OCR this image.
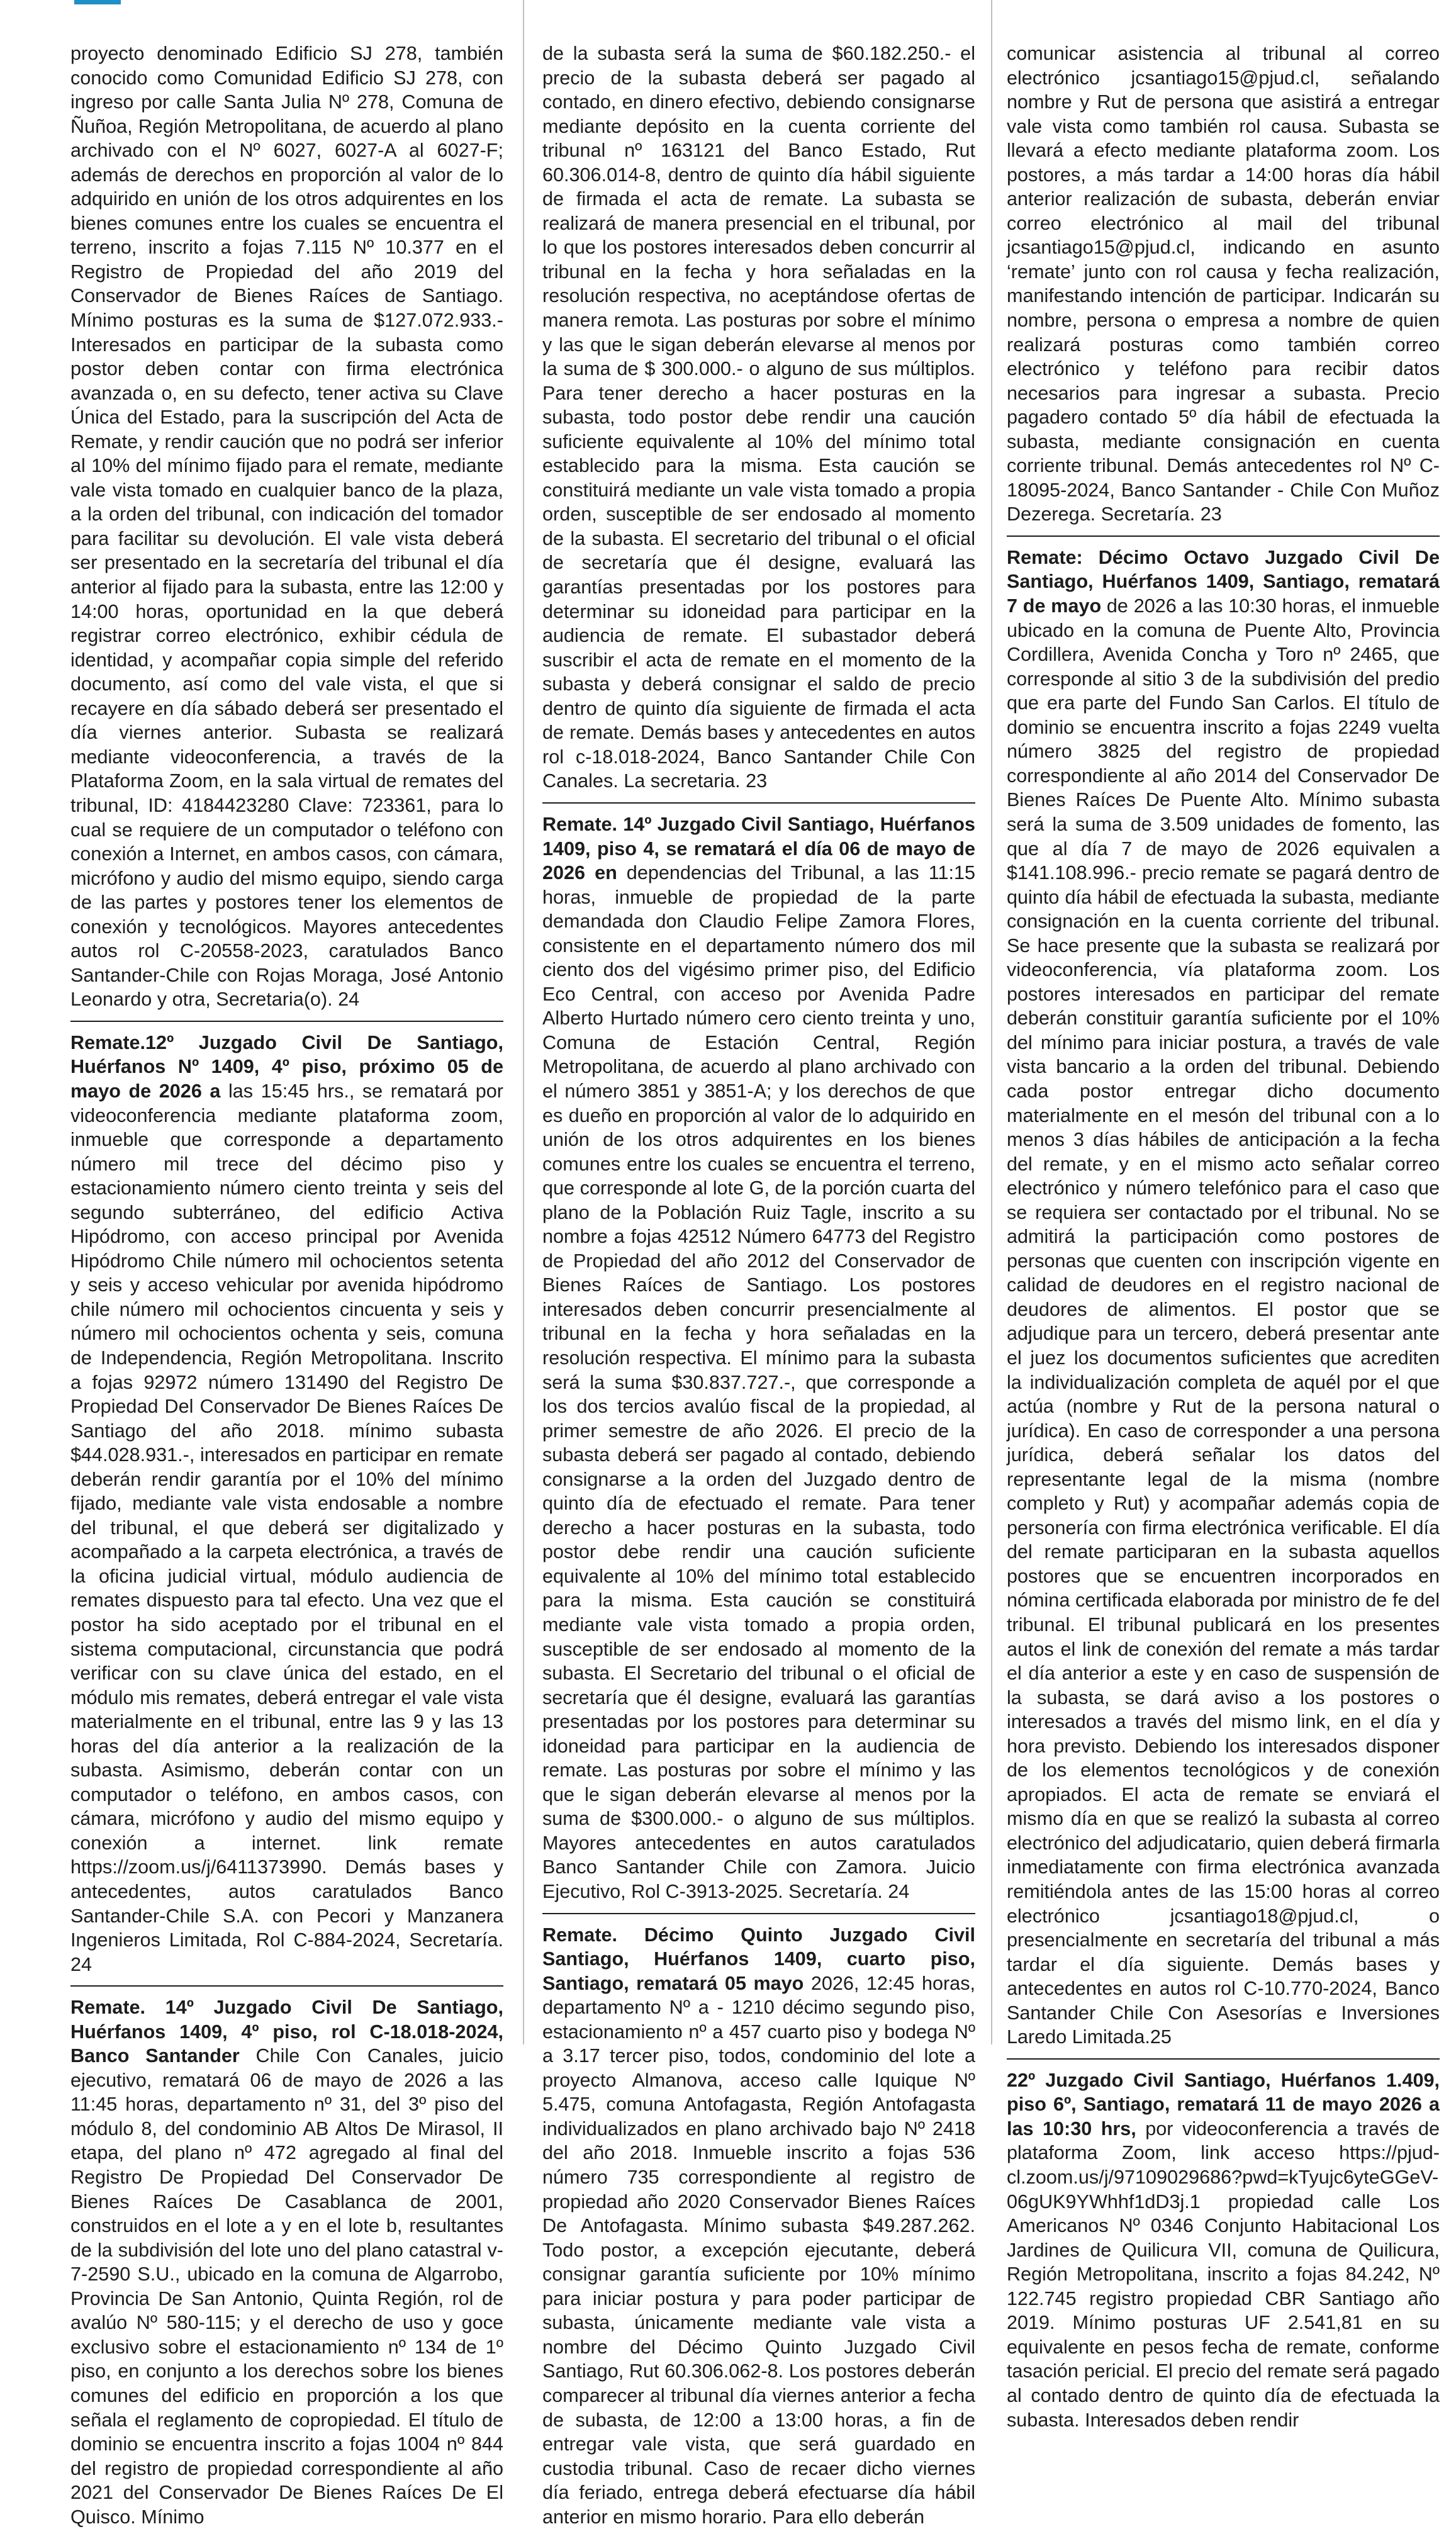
proyecto denominado Edificio SJ 278, también conocido como Comunidad Edificio SJ 278, con ingreso por calle Santa Julia Nº 278, Comuna de Ñuñoa, Región Metropolitana, de acuerdo al plano archivado con el Nº 6027, 6027-A al 6027-F; además de derechos en proporción al valor de lo adquirido en unión de los otros adquirentes en los bienes comunes entre los cuales se encuentra el terreno, inscrito a fojas 7.115 Nº 10.377 en el Registro de Propiedad del año 2019 del Conservador de Bienes Raíces de Santiago. Mínimo posturas es la suma de $127.072.933.- Interesados en participar de la subasta como postor deben contar con firma electrónica avanzada o, en su defecto, tener activa su Clave Única del Estado, para la suscripción del Acta de Remate, y rendir caución que no podrá ser inferior al 10% del mínimo fijado para el remate, mediante vale vista tomado en cualquier banco de la plaza, a la orden del tribunal, con indicación del tomador para facilitar su devolución. El vale vista deberá ser presentado en la secretaría del tribunal el día anterior al fijado para la subasta, entre las 12:00 y 14:00 horas, oportunidad en la que deberá registrar correo electrónico, exhibir cédula de identidad, y acompañar copia simple del referido documento, así como del vale vista, el que si recayere en día sábado deberá ser presentado el día viernes anterior. Subasta se realizará mediante videoconferencia, a través de la Plataforma Zoom, en la sala virtual de remates del tribunal, ID: 4184423280 Clave: 723361, para lo cual se requiere de un computador o teléfono con conexión a Internet, en ambos casos, con cámara, micrófono y audio del mismo equipo, siendo carga de las partes y postores tener los elementos de conexión y tecnológicos. Mayores antecedentes autos rol C-20558-2023, caratulados Banco Santander-Chile con Rojas Moraga, José Antonio Leonardo y otra, Secretaria(o). 24

Remate.12º Juzgado Civil De Santiago, Huérfanos Nº 1409, 4º piso, próximo 05 de mayo de 2026 a las 15:45 hrs., se rematará por videoconferencia mediante plataforma zoom, inmueble que corresponde a departamento número mil trece del décimo piso y estacionamiento número ciento treinta y seis del segundo subterráneo, del edificio Activa Hipódromo, con acceso principal por Avenida Hipódromo Chile número mil ochocientos setenta y seis y acceso vehicular por avenida hipódromo chile número mil ochocientos cincuenta y seis y número mil ochocientos ochenta y seis, comuna de Independencia, Región Metropolitana. Inscrito a fojas 92972 número 131490 del Registro De Propiedad Del Conservador De Bienes Raíces De Santiago del año 2018. mínimo subasta $44.028.931.-, interesados en participar en remate deberán rendir garantía por el 10% del mínimo fijado, mediante vale vista endosable a nombre del tribunal, el que deberá ser digitalizado y acompañado a la carpeta electrónica, a través de la oficina judicial virtual, módulo audiencia de remates dispuesto para tal efecto. Una vez que el postor ha sido aceptado por el tribunal en el sistema computacional, circunstancia que podrá verificar con su clave única del estado, en el módulo mis remates, deberá entregar el vale vista materialmente en el tribunal, entre las 9 y las 13 horas del día anterior a la realización de la subasta. Asimismo, deberán contar con un computador o teléfono, en ambos casos, con cámara, micrófono y audio del mismo equipo y conexión a internet. link remate https://zoom.us/j/6411373990. Demás bases y antecedentes, autos caratulados Banco Santander-Chile S.A. con Pecori y Manzanera Ingenieros Limitada, Rol C-884-2024, Secretaría. 24

Remate. 14º Juzgado Civil De Santiago, Huérfanos 1409, 4º piso, rol C-18.018-2024, Banco Santander Chile Con Canales, juicio ejecutivo, rematará 06 de mayo de 2026 a las 11:45 horas, departamento nº 31, del 3º piso del módulo 8, del condominio AB Altos De Mirasol, II etapa, del plano nº 472 agregado al final del Registro De Propiedad Del Conservador De Bienes Raíces De Casablanca de 2001, construidos en el lote a y en el lote b, resultantes de la subdivisión del lote uno del plano catastral v-7-2590 S.U., ubicado en la comuna de Algarrobo, Provincia De San Antonio, Quinta Región, rol de avalúo Nº 580-115; y el derecho de uso y goce exclusivo sobre el estacionamiento nº 134 de 1º piso, en conjunto a los derechos sobre los bienes comunes del edificio en proporción a los que señala el reglamento de copropiedad. El título de dominio se encuentra inscrito a fojas 1004 nº 844 del registro de propiedad correspondiente al año 2021 del Conservador De Bienes Raíces De El Quisco. Mínimo

de la subasta será la suma de $60.182.250.- el precio de la subasta deberá ser pagado al contado, en dinero efectivo, debiendo consignarse mediante depósito en la cuenta corriente del tribunal nº 163121 del Banco Estado, Rut 60.306.014-8, dentro de quinto día hábil siguiente de firmada el acta de remate. La subasta se realizará de manera presencial en el tribunal, por lo que los postores interesados deben concurrir al tribunal en la fecha y hora señaladas en la resolución respectiva, no aceptándose ofertas de manera remota. Las posturas por sobre el mínimo y las que le sigan deberán elevarse al menos por la suma de $ 300.000.- o alguno de sus múltiplos. Para tener derecho a hacer posturas en la subasta, todo postor debe rendir una caución suficiente equivalente al 10% del mínimo total establecido para la misma. Esta caución se constituirá mediante un vale vista tomado a propia orden, susceptible de ser endosado al momento de la subasta. El secretario del tribunal o el oficial de secretaría que él designe, evaluará las garantías presentadas por los postores para determinar su idoneidad para participar en la audiencia de remate. El subastador deberá suscribir el acta de remate en el momento de la subasta y deberá consignar el saldo de precio dentro de quinto día siguiente de firmada el acta de remate. Demás bases y antecedentes en autos rol c-18.018-2024, Banco Santander Chile Con Canales. La secretaria. 23

Remate. 14º Juzgado Civil Santiago, Huérfanos 1409, piso 4, se rematará el día 06 de mayo de 2026 en dependencias del Tribunal, a las 11:15 horas, inmueble de propiedad de la parte demandada don Claudio Felipe Zamora Flores, consistente en el departamento número dos mil ciento dos del vigésimo primer piso, del Edificio Eco Central, con acceso por Avenida Padre Alberto Hurtado número cero ciento treinta y uno, Comuna de Estación Central, Región Metropolitana, de acuerdo al plano archivado con el número 3851 y 3851-A; y los derechos de que es dueño en proporción al valor de lo adquirido en unión de los otros adquirentes en los bienes comunes entre los cuales se encuentra el terreno, que corresponde al lote G, de la porción cuarta del plano de la Población Ruiz Tagle, inscrito a su nombre a fojas 42512 Número 64773 del Registro de Propiedad del año 2012 del Conservador de Bienes Raíces de Santiago. Los postores interesados deben concurrir presencialmente al tribunal en la fecha y hora señaladas en la resolución respectiva. El mínimo para la subasta será la suma $30.837.727.-, que corresponde a los dos tercios avalúo fiscal de la propiedad, al primer semestre de año 2026. El precio de la subasta deberá ser pagado al contado, debiendo consignarse a la orden del Juzgado dentro de quinto día de efectuado el remate. Para tener derecho a hacer posturas en la subasta, todo postor debe rendir una caución suficiente equivalente al 10% del mínimo total establecido para la misma. Esta caución se constituirá mediante vale vista tomado a propia orden, susceptible de ser endosado al momento de la subasta. El Secretario del tribunal o el oficial de secretaría que él designe, evaluará las garantías presentadas por los postores para determinar su idoneidad para participar en la audiencia de remate. Las posturas por sobre el mínimo y las que le sigan deberán elevarse al menos por la suma de $300.000.- o alguno de sus múltiplos. Mayores antecedentes en autos caratulados Banco Santander Chile con Zamora. Juicio Ejecutivo, Rol C-3913-2025. Secretaría. 24

Remate. Décimo Quinto Juzgado Civil Santiago, Huérfanos 1409, cuarto piso, Santiago, rematará 05 mayo 2026, 12:45 horas, departamento Nº a - 1210 décimo segundo piso, estacionamiento nº a 457 cuarto piso y bodega Nº a 3.17 tercer piso, todos, condominio del lote a proyecto Almanova, acceso calle Iquique Nº 5.475, comuna Antofagasta, Región Antofagasta individualizados en plano archivado bajo Nº 2418 del año 2018. Inmueble inscrito a fojas 536 número 735 correspondiente al registro de propiedad año 2020 Conservador Bienes Raíces De Antofagasta. Mínimo subasta $49.287.262. Todo postor, a excepción ejecutante, deberá consignar garantía suficiente por 10% mínimo para iniciar postura y para poder participar de subasta, únicamente mediante vale vista a nombre del Décimo Quinto Juzgado Civil Santiago, Rut 60.306.062-8. Los postores deberán comparecer al tribunal día viernes anterior a fecha de subasta, de 12:00 a 13:00 horas, a fin de entregar vale vista, que será guardado en custodia tribunal. Caso de recaer dicho viernes día feriado, entrega deberá efectuarse día hábil anterior en mismo horario. Para ello deberán

comunicar asistencia al tribunal al correo electrónico jcsantiago15@pjud.cl, señalando nombre y Rut de persona que asistirá a entregar vale vista como también rol causa. Subasta se llevará a efecto mediante plataforma zoom. Los postores, a más tardar a 14:00 horas día hábil anterior realización de subasta, deberán enviar correo electrónico al mail del tribunal jcsantiago15@pjud.cl, indicando en asunto ‘remate’ junto con rol causa y fecha realización, manifestando intención de participar. Indicarán su nombre, persona o empresa a nombre de quien realizará posturas como también correo electrónico y teléfono para recibir datos necesarios para ingresar a subasta. Precio pagadero contado 5º día hábil de efectuada la subasta, mediante consignación en cuenta corriente tribunal. Demás antecedentes rol Nº C-18095-2024, Banco Santander - Chile Con Muñoz Dezerega. Secretaría. 23

Remate: Décimo Octavo Juzgado Civil De Santiago, Huérfanos 1409, Santiago, rematará 7 de mayo de 2026 a las 10:30 horas, el inmueble ubicado en la comuna de Puente Alto, Provincia Cordillera, Avenida Concha y Toro nº 2465, que corresponde al sitio 3 de la subdivisión del predio que era parte del Fundo San Carlos. El título de dominio se encuentra inscrito a fojas 2249 vuelta número 3825 del registro de propiedad correspondiente al año 2014 del Conservador De Bienes Raíces De Puente Alto. Mínimo subasta será la suma de 3.509 unidades de fomento, las que al día 7 de mayo de 2026 equivalen a $141.108.996.- precio remate se pagará dentro de quinto día hábil de efectuada la subasta, mediante consignación en la cuenta corriente del tribunal. Se hace presente que la subasta se realizará por videoconferencia, vía plataforma zoom. Los postores interesados en participar del remate deberán constituir garantía suficiente por el 10% del mínimo para iniciar postura, a través de vale vista bancario a la orden del tribunal. Debiendo cada postor entregar dicho documento materialmente en el mesón del tribunal con a lo menos 3 días hábiles de anticipación a la fecha del remate, y en el mismo acto señalar correo electrónico y número telefónico para el caso que se requiera ser contactado por el tribunal. No se admitirá la participación como postores de personas que cuenten con inscripción vigente en calidad de deudores en el registro nacional de deudores de alimentos. El postor que se adjudique para un tercero, deberá presentar ante el juez los documentos suficientes que acrediten la individualización completa de aquél por el que actúa (nombre y Rut de la persona natural o jurídica). En caso de corresponder a una persona jurídica, deberá señalar los datos del representante legal de la misma (nombre completo y Rut) y acompañar además copia de personería con firma electrónica verificable. El día del remate participaran en la subasta aquellos postores que se encuentren incorporados en nómina certificada elaborada por ministro de fe del tribunal. El tribunal publicará en los presentes autos el link de conexión del remate a más tardar el día anterior a este y en caso de suspensión de la subasta, se dará aviso a los postores o interesados a través del mismo link, en el día y hora previsto. Debiendo los interesados disponer de los elementos tecnológicos y de conexión apropiados. El acta de remate se enviará el mismo día en que se realizó la subasta al correo electrónico del adjudicatario, quien deberá firmarla inmediatamente con firma electrónica avanzada remitiéndola antes de las 15:00 horas al correo electrónico jcsantiago18@pjud.cl, o presencialmente en secretaría del tribunal a más tardar el día siguiente. Demás bases y antecedentes en autos rol C-10.770-2024, Banco Santander Chile Con Asesorías e Inversiones Laredo Limitada.25

22º Juzgado Civil Santiago, Huérfanos 1.409, piso 6º, Santiago, rematará 11 de mayo 2026 a las 10:30 hrs, por videoconferencia a través de plataforma Zoom, link acceso https://pjud-cl.zoom.us/j/97109029686?pwd=kTyujc6yteGGeV-06gUK9YWhhf1dD3j.1 propiedad calle Los Americanos Nº 0346 Conjunto Habitacional Los Jardines de Quilicura VII, comuna de Quilicura, Región Metropolitana, inscrito a fojas 84.242, Nº 122.745 registro propiedad CBR Santiago año 2019. Mínimo posturas UF 2.541,81 en su equivalente en pesos fecha de remate, conforme tasación pericial. El precio del remate será pagado al contado dentro de quinto día de efectuada la subasta. Interesados deben rendir
